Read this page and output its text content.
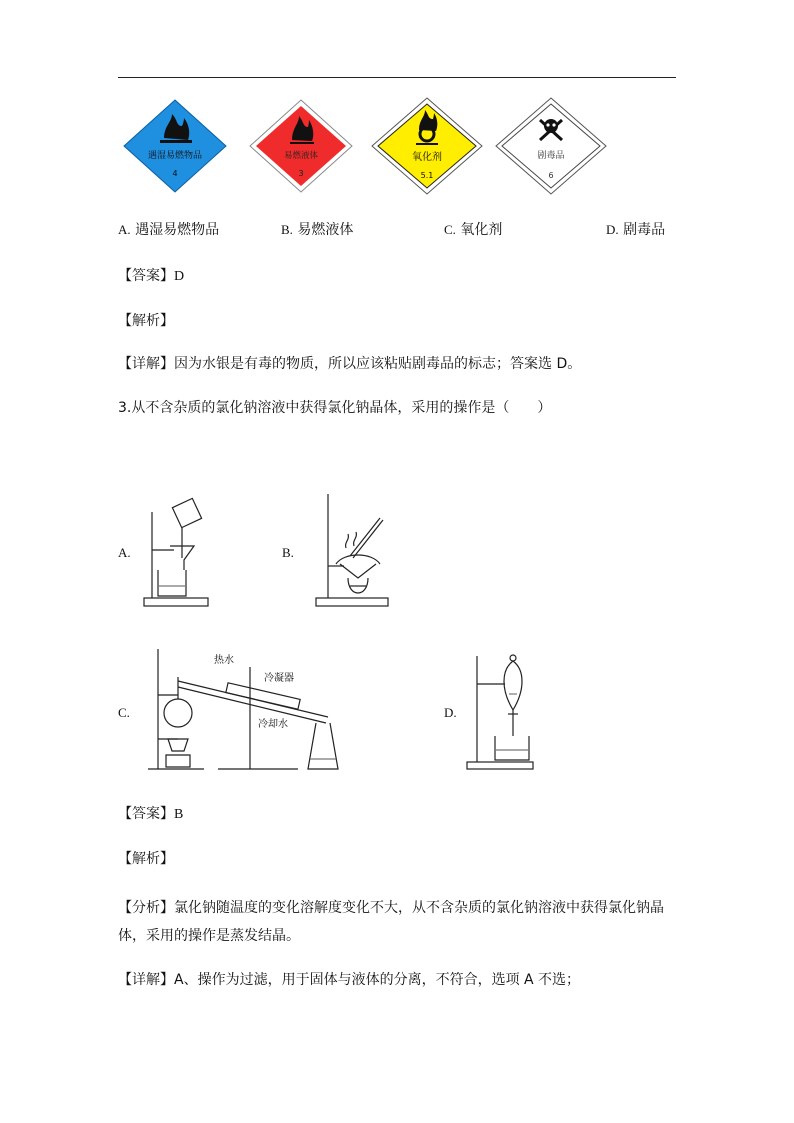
遇湿易燃物品
4
易燃液体
3
氧化剂
5.1
剧毒品
6
A. 遇湿易燃物品	B. 易燃液体	C. 氧化剂	D. 剧毒品
【答案】D
【解析】
【详解】因为水银是有毒的物质，所以应该粘贴剧毒品的标志；答案选 D。
3.从不含杂质的氯化钠溶液中获得氯化钠晶体，采用的操作是（　　）
A.	B.
C.	D.
热水
冷凝器
冷却水
【答案】B
【解析】
【分析】氯化钠随温度的变化溶解度变化不大，从不含杂质的氯化钠溶液中获得氯化钠晶体，采用的操作是蒸发结晶。
【详解】A、操作为过滤，用于固体与液体的分离，不符合，选项 A 不选；
